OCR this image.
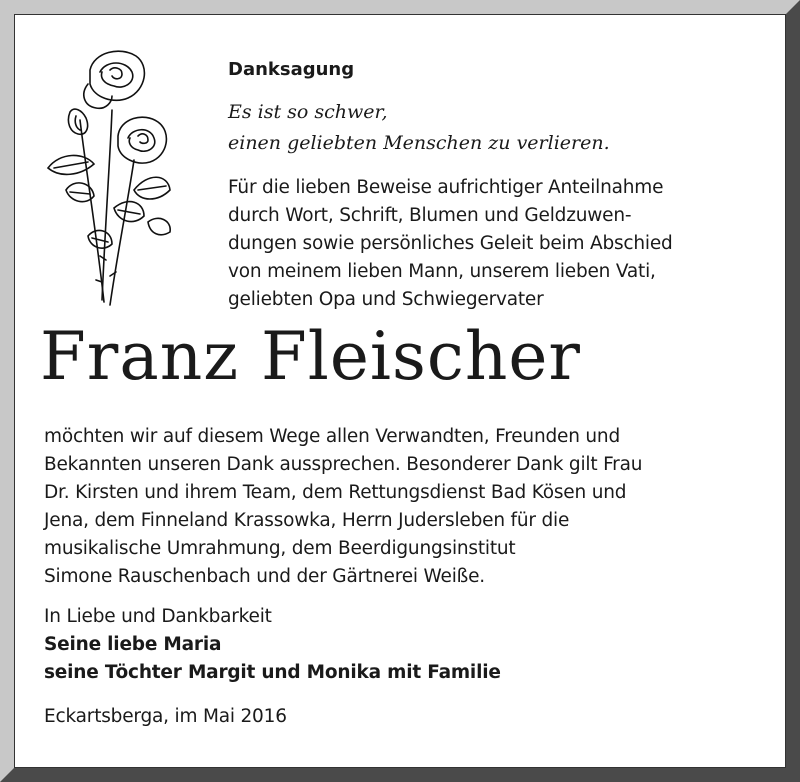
Danksagung
Es ist so schwer,
einen geliebten Menschen zu verlieren.
Für die lieben Beweise aufrichtiger Anteilnahme
durch Wort, Schrift, Blumen und Geldzuwen-
dungen sowie persönliches Geleit beim Abschied
von meinem lieben Mann, unserem lieben Vati,
geliebten Opa und Schwiegervater
Franz Fleischer
möchten wir auf diesem Wege allen Verwandten, Freunden und
Bekannten unseren Dank aussprechen. Besonderer Dank gilt Frau
Dr. Kirsten und ihrem Team, dem Rettungsdienst Bad Kösen und
Jena, dem Finneland Krassowka, Herrn Judersleben für die
musikalische Umrahmung, dem Beerdigungsinstitut
Simone Rauschenbach und der Gärtnerei Weiße.
In Liebe und Dankbarkeit
Seine liebe Maria
seine Töchter Margit und Monika mit Familie
Eckartsberga, im Mai 2016
